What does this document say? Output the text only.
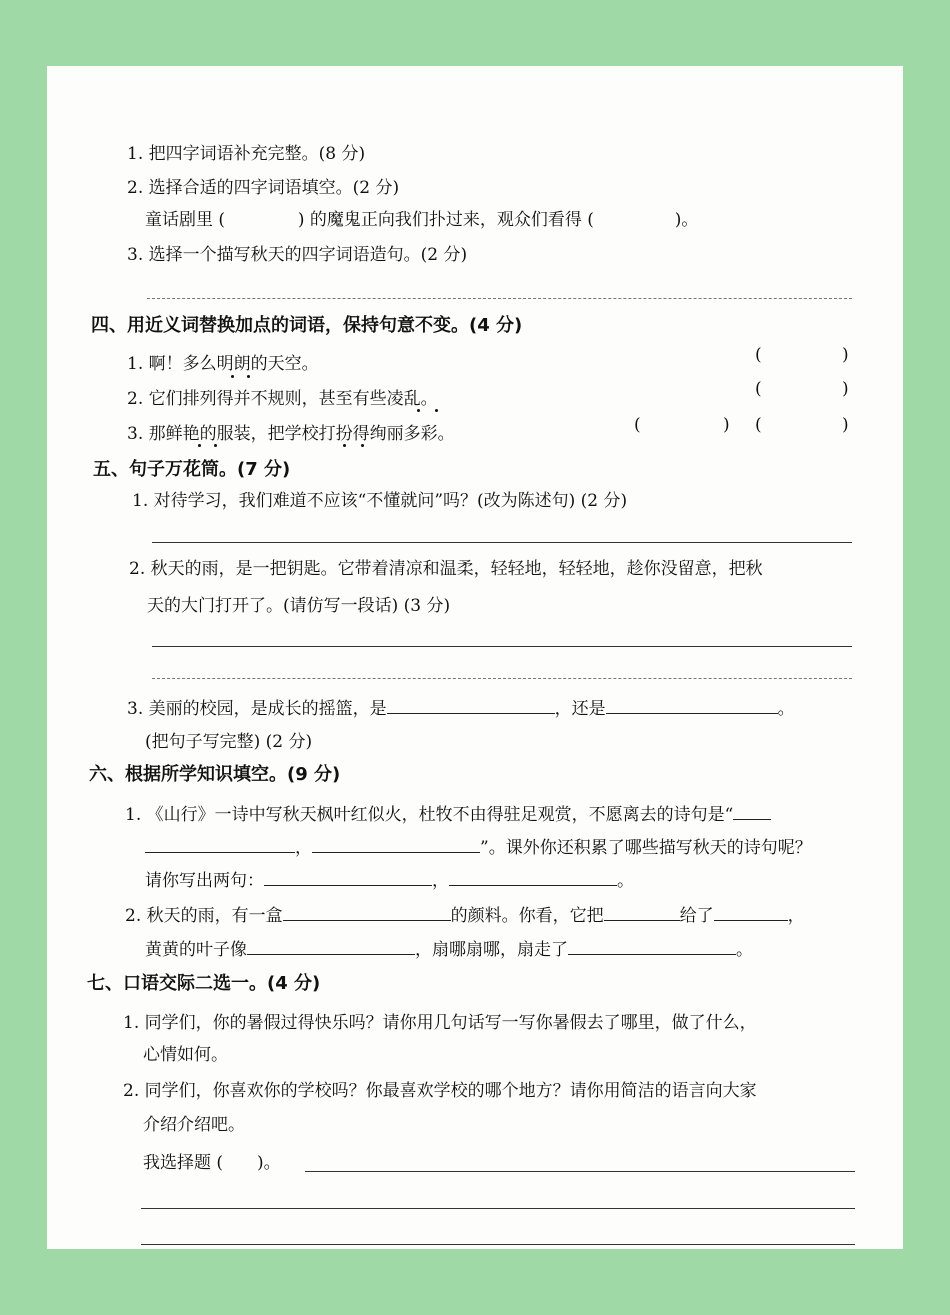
1. 把四字词语补充完整。(8 分)
2. 选择合适的四字词语填空。(2 分)
童话剧里 (	) 的魔鬼正向我们扑过来，观众们看得 (	)。
3. 选择一个描写秋天的四字词语造句。(2 分)
四、用近义词替换加点的词语，保持句意不变。(4 分)
1. 啊！多么明朗的天空。	(	)
2. 它们排列得并不规则，甚至有些凌乱。	(	)
3. 那鲜艳的服装，把学校打扮得绚丽多彩。	(	) (	)
五、句子万花筒。(7 分)
1. 对待学习，我们难道不应该“不懂就问”吗？(改为陈述句) (2 分)
2. 秋天的雨，是一把钥匙。它带着清凉和温柔，轻轻地，轻轻地，趁你没留意，把秋
天的大门打开了。(请仿写一段话) (3 分)
3. 美丽的校园，是成长的摇篮，是	，还是	。
(把句子写完整) (2 分)
六、根据所学知识填空。(9 分)
1. 《山行》一诗中写秋天枫叶红似火，杜牧不由得驻足观赏，不愿离去的诗句是“
，	”。课外你还积累了哪些描写秋天的诗句呢？
请你写出两句：	，	。
2. 秋天的雨，有一盒	的颜料。你看，它把	给了	，
黄黄的叶子像	，扇哪扇哪，扇走了	。
七、口语交际二选一。(4 分)
1. 同学们，你的暑假过得快乐吗？请你用几句话写一写你暑假去了哪里，做了什么，
心情如何。
2. 同学们，你喜欢你的学校吗？你最喜欢学校的哪个地方？请你用简洁的语言向大家
介绍介绍吧。
我选择题 (　　)。
